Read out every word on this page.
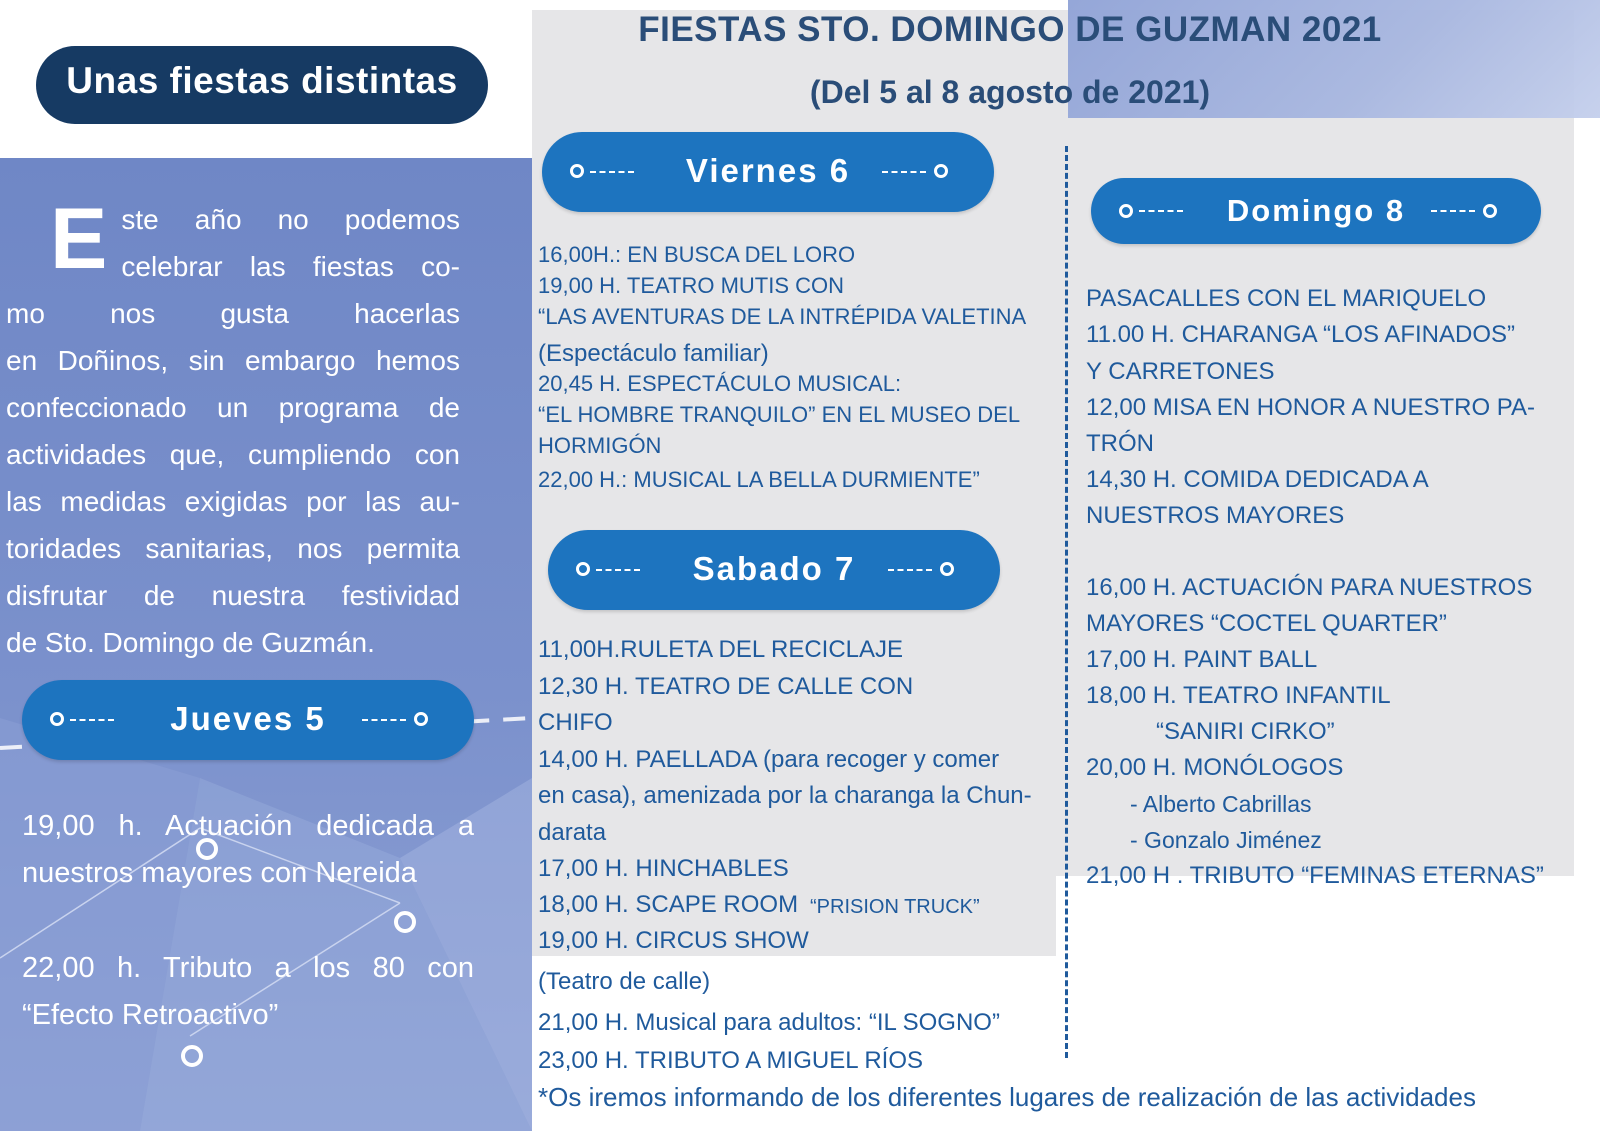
Unas fiestas distintas
E ste año no podemos
celebrar las fiestas co-
mo nos gusta hacerlas
en Doñinos, sin embargo hemos
confeccionado un programa de
actividades que, cumpliendo con
las medidas exigidas por las au-
toridades sanitarias, nos permita
disfrutar de nuestra festividad
de Sto. Domingo de Guzmán.
Jueves 5
19,00 h. Actuación dedicada a nuestros mayores con Nereida
22,00 h. Tributo a los 80 con “Efecto Retroactivo”
FIESTAS STO. DOMINGO DE GUZMAN 2021
(Del 5 al 8 agosto de 2021)
Viernes 6
16,00H.: EN BUSCA DEL LORO
19,00 H. TEATRO MUTIS CON
“LAS AVENTURAS DE LA INTRÉPIDA VALETINA
(Espectáculo familiar)
20,45 H. ESPECTÁCULO MUSICAL:
“EL HOMBRE TRANQUILO” EN EL MUSEO DEL
HORMIGÓN
22,00 H.: MUSICAL LA BELLA DURMIENTE”
Sabado 7
11,00H.RULETA DEL RECICLAJE
12,30 H. TEATRO DE CALLE CON
CHIFO
14,00 H. PAELLADA (para recoger y comer
en casa), amenizada por la charanga la Chun-
darata
17,00 H. HINCHABLES
18,00 H. SCAPE ROOM “PRISION TRUCK”
19,00 H. CIRCUS SHOW
(Teatro de calle)
21,00 H. Musical para adultos: “IL SOGNO”
23,00 H. TRIBUTO A MIGUEL RÍOS
Domingo 8
PASACALLES CON EL MARIQUELO
11.00 H. CHARANGA “LOS AFINADOS”
Y CARRETONES
12,00 MISA EN HONOR A NUESTRO PA-
TRÓN
14,30 H. COMIDA DEDICADA A
NUESTROS MAYORES
16,00 H. ACTUACIÓN PARA NUESTROS
MAYORES “COCTEL QUARTER”
17,00 H. PAINT BALL
18,00 H. TEATRO INFANTIL
“SANIRI CIRKO”
20,00 H. MONÓLOGOS
- Alberto Cabrillas
- Gonzalo Jiménez
21,00 H . TRIBUTO “FEMINAS ETERNAS”
*Os iremos informando de los diferentes lugares de realización de las actividades
